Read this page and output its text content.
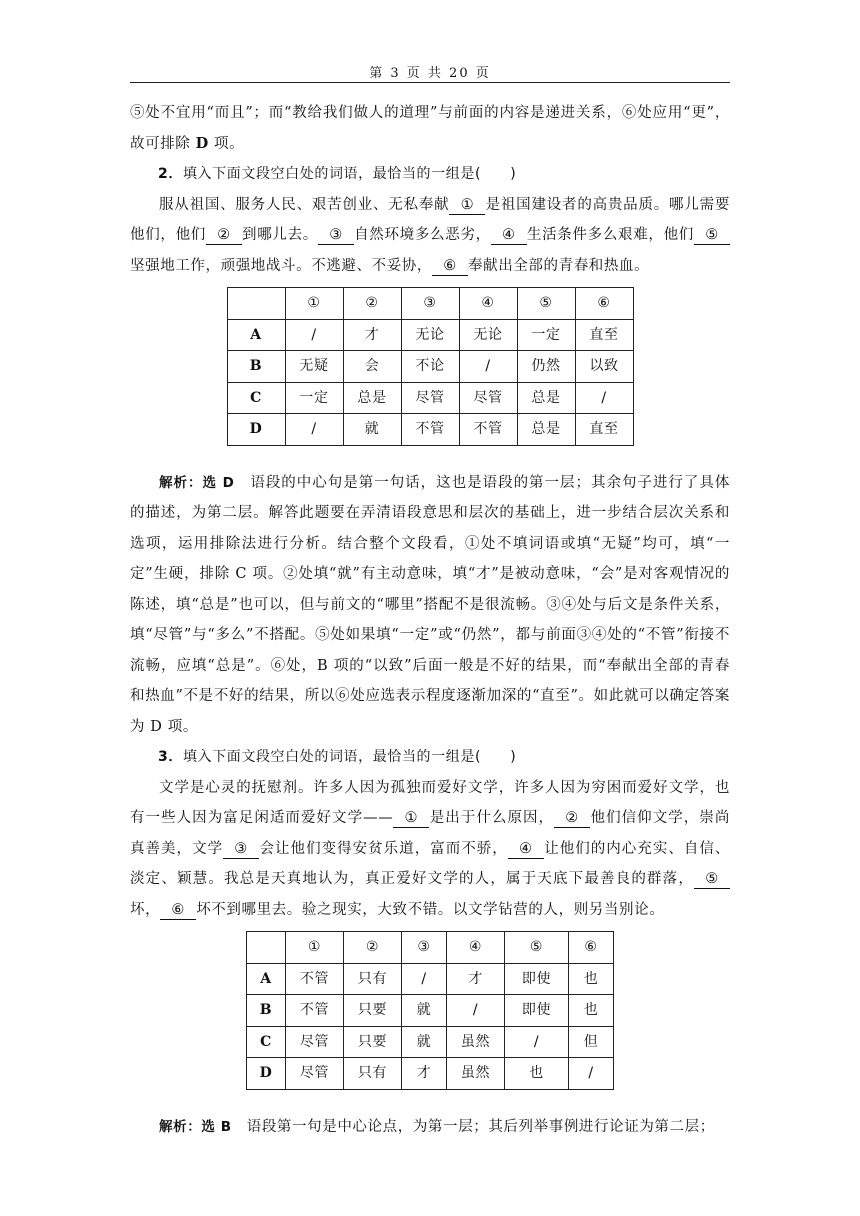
第 3 页 共 20 页

⑤处不宜用“而且”；而“教给我们做人的道理”与前面的内容是递进关系，⑥处应用“更”，故可排除 D 项。

2．填入下面文段空白处的词语，最恰当的一组是(　　)

服从祖国、服务人民、艰苦创业、无私奉献 ① 是祖国建设者的高贵品质。哪儿需要他们，他们 ② 到哪儿去。 ③ 自然环境多么恶劣， ④ 生活条件多么艰难，他们 ⑤坚强地工作，顽强地战斗。不逃避、不妥协， ⑥ 奉献出全部的青春和热血。

	①	②	③	④	⑤	⑥
A	/	才	无论	无论	一定	直至
B	无疑	会	不论	/	仍然	以致
C	一定	总是	尽管	尽管	总是	/
D	/	就	不管	不管	总是	直至

解析：选 D　 语段的中心句是第一句话，这也是语段的第一层；其余句子进行了具体的描述，为第二层。解答此题要在弄清语段意思和层次的基础上，进一步结合层次关系和选项，运用排除法进行分析。结合整个文段看，①处不填词语或填“无疑”均可，填“一定”生硬，排除 C 项。②处填“就”有主动意味，填“才”是被动意味，“会”是对客观情况的陈述，填“总是”也可以，但与前文的“哪里”搭配不是很流畅。③④处与后文是条件关系，填“尽管”与“多么”不搭配。⑤处如果填“一定”或“仍然”，都与前面③④处的“不管”衔接不流畅，应填“总是”。⑥处，B 项的“以致”后面一般是不好的结果，而“奉献出全部的青春和热血”不是不好的结果，所以⑥处应选表示程度逐渐加深的“直至”。如此就可以确定答案为 D 项。

3．填入下面文段空白处的词语，最恰当的一组是(　　)

文学是心灵的抚慰剂。许多人因为孤独而爱好文学，许多人因为穷困而爱好文学，也有一些人因为富足闲适而爱好文学—— ① 是出于什么原因， ② 他们信仰文学，崇尚真善美，文学 ③ 会让他们变得安贫乐道，富而不骄， ④ 让他们的内心充实、自信、淡定、颖慧。我总是天真地认为，真正爱好文学的人，属于天底下最善良的群落， ⑤坏， ⑥ 坏不到哪里去。验之现实，大致不错。以文学钻营的人，则另当别论。

	①	②	③	④	⑤	⑥
A	不管	只有	/	才	即使	也
B	不管	只要	就	/	即使	也
C	尽管	只要	就	虽然	/	但
D	尽管	只有	才	虽然	也	/

解析：选 B　 语段第一句是中心论点，为第一层；其后列举事例进行论证为第二层；
